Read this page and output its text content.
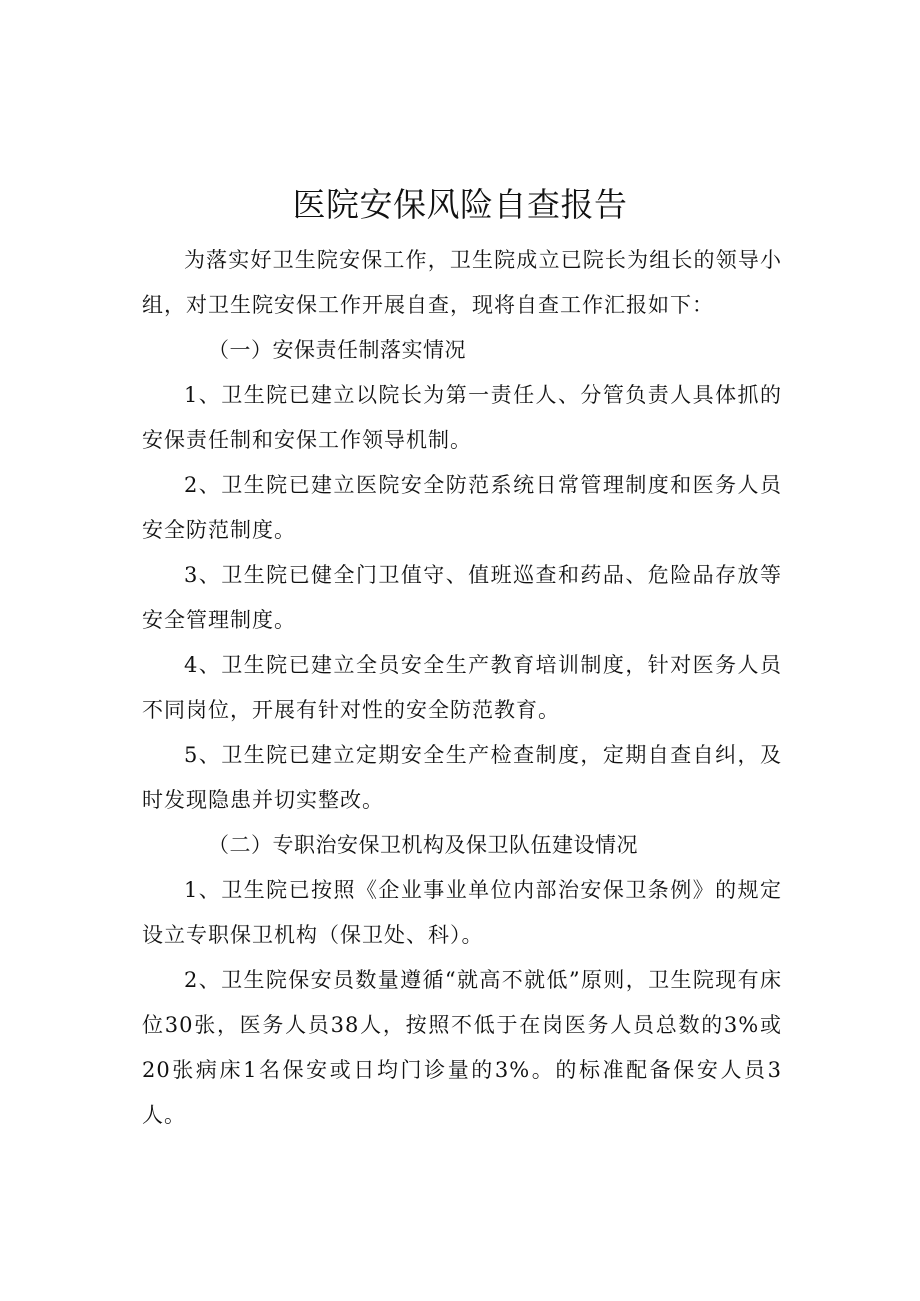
医院安保风险自查报告

为落实好卫生院安保工作，卫生院成立已院长为组长的领导小组，对卫生院安保工作开展自查，现将自查工作汇报如下：

（一）安保责任制落实情况

1、卫生院已建立以院长为第一责任人、分管负责人具体抓的安保责任制和安保工作领导机制。

2、卫生院已建立医院安全防范系统日常管理制度和医务人员安全防范制度。

3、卫生院已健全门卫值守、值班巡查和药品、危险品存放等安全管理制度。

4、卫生院已建立全员安全生产教育培训制度，针对医务人员不同岗位，开展有针对性的安全防范教育。

5、卫生院已建立定期安全生产检查制度，定期自查自纠，及时发现隐患并切实整改。

（二）专职治安保卫机构及保卫队伍建设情况

1、卫生院已按照《企业事业单位内部治安保卫条例》的规定设立专职保卫机构（保卫处、科）。

2、卫生院保安员数量遵循“就高不就低”原则，卫生院现有床位30张，医务人员38人，按照不低于在岗医务人员总数的3%或20张病床1名保安或日均门诊量的3%。的标准配备保安人员3人。
